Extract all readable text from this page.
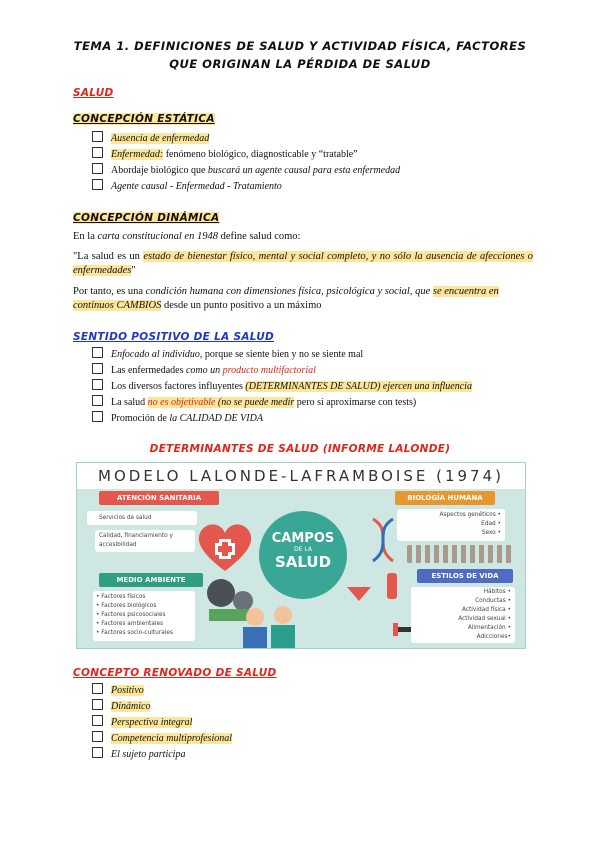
TEMA 1. DEFINICIONES DE SALUD Y ACTIVIDAD FÍSICA, FACTORES
QUE ORIGINAN LA PÉRDIDA DE SALUD
SALUD
CONCEPCIÓN ESTÁTICA
Ausencia de enfermedad
Enfermedad: fenómeno biológico, diagnosticable y “tratable”
Abordaje biológico que buscará un agente causal para esta enfermedad
Agente causal - Enfermedad - Tratamiento
CONCEPCIÓN DINÁMICA
En la carta constitucional en 1948 define salud como:
"La salud es un estado de bienestar físico, mental y social completo, y no sólo la ausencia de afecciones o enfermedades"
Por tanto, es una condición humana con dimensiones física, psicológica y social, que se encuentra en continuos CAMBIOS desde un punto positivo a un máximo
SENTIDO POSITIVO DE LA SALUD
Enfocado al individuo, porque se siente bien y no se siente mal
Las enfermedades como un producto multifactorial
Los diversos factores influyentes (DETERMINANTES DE SALUD) ejercen una influencia
La salud no es objetivable (no se puede medir pero sí aproximarse con tests)
Promoción de la CALIDAD DE VIDA
DETERMINANTES DE SALUD (INFORME LALONDE)
MODELO LALONDE-LAFRAMBOISE (1974)
ATENCIÓN SANITARIA
Servicios de salud
Calidad, financiamiento y accesibilidad
BIOLOGÍA HUMANA
Aspectos genéticos •
Edad •
Sexo •
CAMPOS
DE LA
SALUD
MEDIO AMBIENTE
• Factores físicos
• Factores biológicos
• Factores psicosociales
• Factores ambientales
• Factores socio-culturales
ESTILOS DE VIDA
Hábitos •
Conductas •
Actividad física •
Actividad sexual •
Alimentación •
Adicciones•
CONCEPTO RENOVADO DE SALUD
Positivo
Dinámico
Perspectiva integral
Competencia multiprofesional
El sujeto participa
